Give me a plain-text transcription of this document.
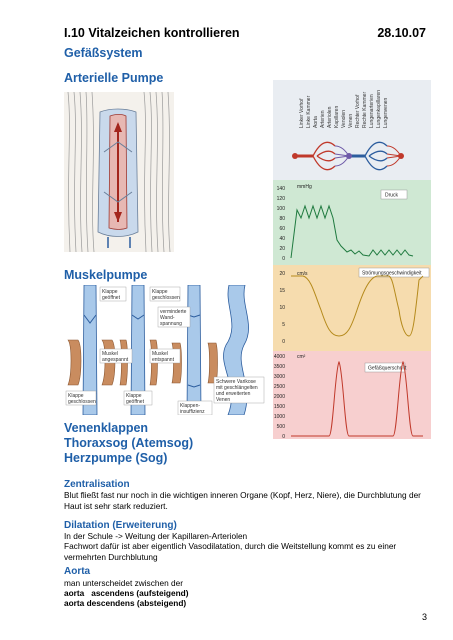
I.10 Vitalzeichen kontrollieren	28.10.07
Gefäßsystem
Arterielle Pumpe
Linker Vorhof Linke Kammer Aorta Arterien Arteriolen Kapillaren Venolen Venen Rechter Vorhof Rechte Kammer Lungenarterien Lungenkapillaren Lungenvenen
140
120
100
80
60
40
20
0
mmHg
Druck
20
15
10
5
0
cm/s	Strömungsgeschwindigkeit
4000
3500
3000
2500
2000
1500
1000
500
0
cm²
Gefäßquerschnitt
Muskelpumpe
Klappe
geöffnet
Klappe
geschlossen
verminderte
Wand-
spannung
Muskel
angespannt
Muskel
entspannt
Klappe
geschlossen
Klappe
geöffnet
Klappen-
insuffizienz
Schwere Varikose
mit geschlängelten
und erweiterten
Venen
Venenklappen
Thoraxsog (Atemsog)
Herzpumpe (Sog)
Zentralisation
Blut fließt fast nur noch in die wichtigen inneren Organe (Kopf, Herz, Niere), die Durchblutung der Haut ist sehr stark reduziert.
Dilatation (Erweiterung)
In der Schule -> Weitung der Kapillaren-Arteriolen
Fachwort dafür ist aber eigentlich Vasodilatation, durch die Weitstellung kommt es zu einer vermehrten Durchblutung
Aorta
man unterscheidet zwischen der
aorta   ascendens (aufsteigend)
aorta descendens (absteigend)
3
